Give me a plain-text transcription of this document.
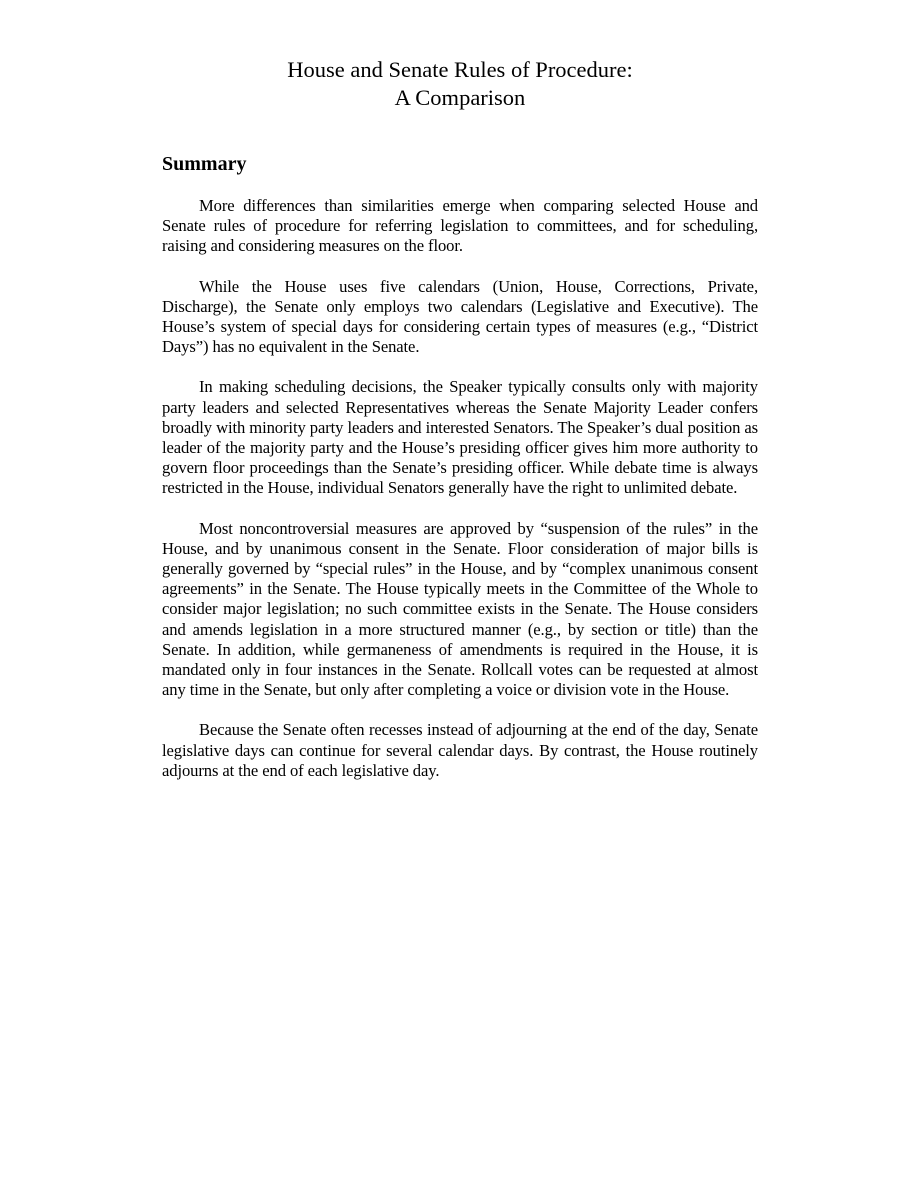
House and Senate Rules of Procedure:
A Comparison
Summary

More differences than similarities emerge when comparing selected House and Senate rules of procedure for referring legislation to committees, and for scheduling, raising and considering measures on the floor.

While the House uses five calendars (Union, House, Corrections, Private, Discharge), the Senate only employs two calendars (Legislative and Executive). The House’s system of special days for considering certain types of measures (e.g., “District Days”) has no equivalent in the Senate.

In making scheduling decisions, the Speaker typically consults only with majority party leaders and selected Representatives whereas the Senate Majority Leader confers broadly with minority party leaders and interested Senators. The Speaker’s dual position as leader of the majority party and the House’s presiding officer gives him more authority to govern floor proceedings than the Senate’s presiding officer. While debate time is always restricted in the House, individual Senators generally have the right to unlimited debate.

Most noncontroversial measures are approved by “suspension of the rules” in the House, and by unanimous consent in the Senate. Floor consideration of major bills is generally governed by “special rules” in the House, and by “complex unanimous consent agreements” in the Senate. The House typically meets in the Committee of the Whole to consider major legislation; no such committee exists in the Senate. The House considers and amends legislation in a more structured manner (e.g., by section or title) than the Senate. In addition, while germaneness of amendments is required in the House, it is mandated only in four instances in the Senate. Rollcall votes can be requested at almost any time in the Senate, but only after completing a voice or division vote in the House.

Because the Senate often recesses instead of adjourning at the end of the day, Senate legislative days can continue for several calendar days. By contrast, the House routinely adjourns at the end of each legislative day.
